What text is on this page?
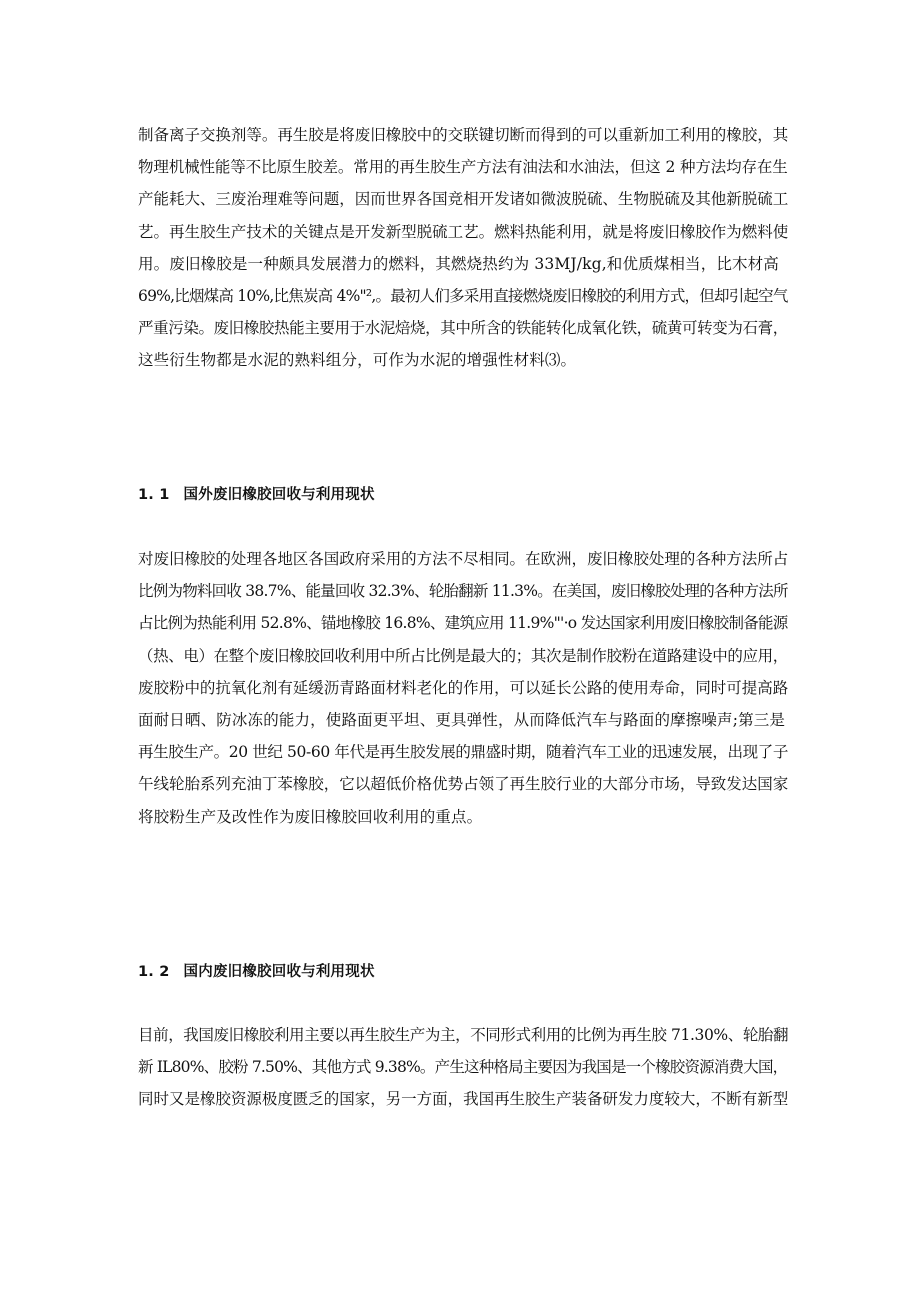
制备离子交换剂等。再生胶是将废旧橡胶中的交联键切断而得到的可以重新加工利用的橡胶，其
物理机械性能等不比原生胶差。常用的再生胶生产方法有油法和水油法，但这 2 种方法均存在生
产能耗大、三废治理难等问题，因而世界各国竞相开发诸如微波脱硫、生物脱硫及其他新脱硫工
艺。再生胶生产技术的关键点是开发新型脱硫工艺。燃料热能利用，就是将废旧橡胶作为燃料使
用。废旧橡胶是一种颇具发展潜力的燃料，其燃烧热约为 33MJ/kg,和优质煤相当，比木材高
69%,比烟煤高 10%,比焦炭高 4%"²,。最初人们多采用直接燃烧废旧橡胶的利用方式，但却引起空气
严重污染。废旧橡胶热能主要用于水泥焙烧，其中所含的铁能转化成氧化铁，硫黄可转变为石膏，
这些衍生物都是水泥的熟料组分，可作为水泥的增强性材料⑶。

1. 1 国外废旧橡胶回收与利用现状

对废旧橡胶的处理各地区各国政府采用的方法不尽相同。在欧洲，废旧橡胶处理的各种方法所占
比例为物料回收 38.7%、能量回收 32.3%、轮胎翻新 11.3%。在美国，废旧橡胶处理的各种方法所
占比例为热能利用 52.8%、锚地橡胶 16.8%、建筑应用 11.9%"'·o 发达国家利用废旧橡胶制备能源
（热、电）在整个废旧橡胶回收利用中所占比例是最大的；其次是制作胶粉在道路建设中的应用，
废胶粉中的抗氧化剂有延缓沥青路面材料老化的作用，可以延长公路的使用寿命，同时可提高路
面耐日晒、防冰冻的能力，使路面更平坦、更具弹性，从而降低汽车与路面的摩擦噪声;第三是
再生胶生产。20 世纪 50-60 年代是再生胶发展的鼎盛时期，随着汽车工业的迅速发展，出现了子
午线轮胎系列充油丁苯橡胶，它以超低价格优势占领了再生胶行业的大部分市场，导致发达国家
将胶粉生产及改性作为废旧橡胶回收利用的重点。

1. 2 国内废旧橡胶回收与利用现状

目前，我国废旧橡胶利用主要以再生胶生产为主，不同形式利用的比例为再生胶 71.30%、轮胎翻
新 IL80%、胶粉 7.50%、其他方式 9.38%。产生这种格局主要因为我国是一个橡胶资源消费大国，
同时又是橡胶资源极度匮乏的国家，另一方面，我国再生胶生产装备研发力度较大，不断有新型
